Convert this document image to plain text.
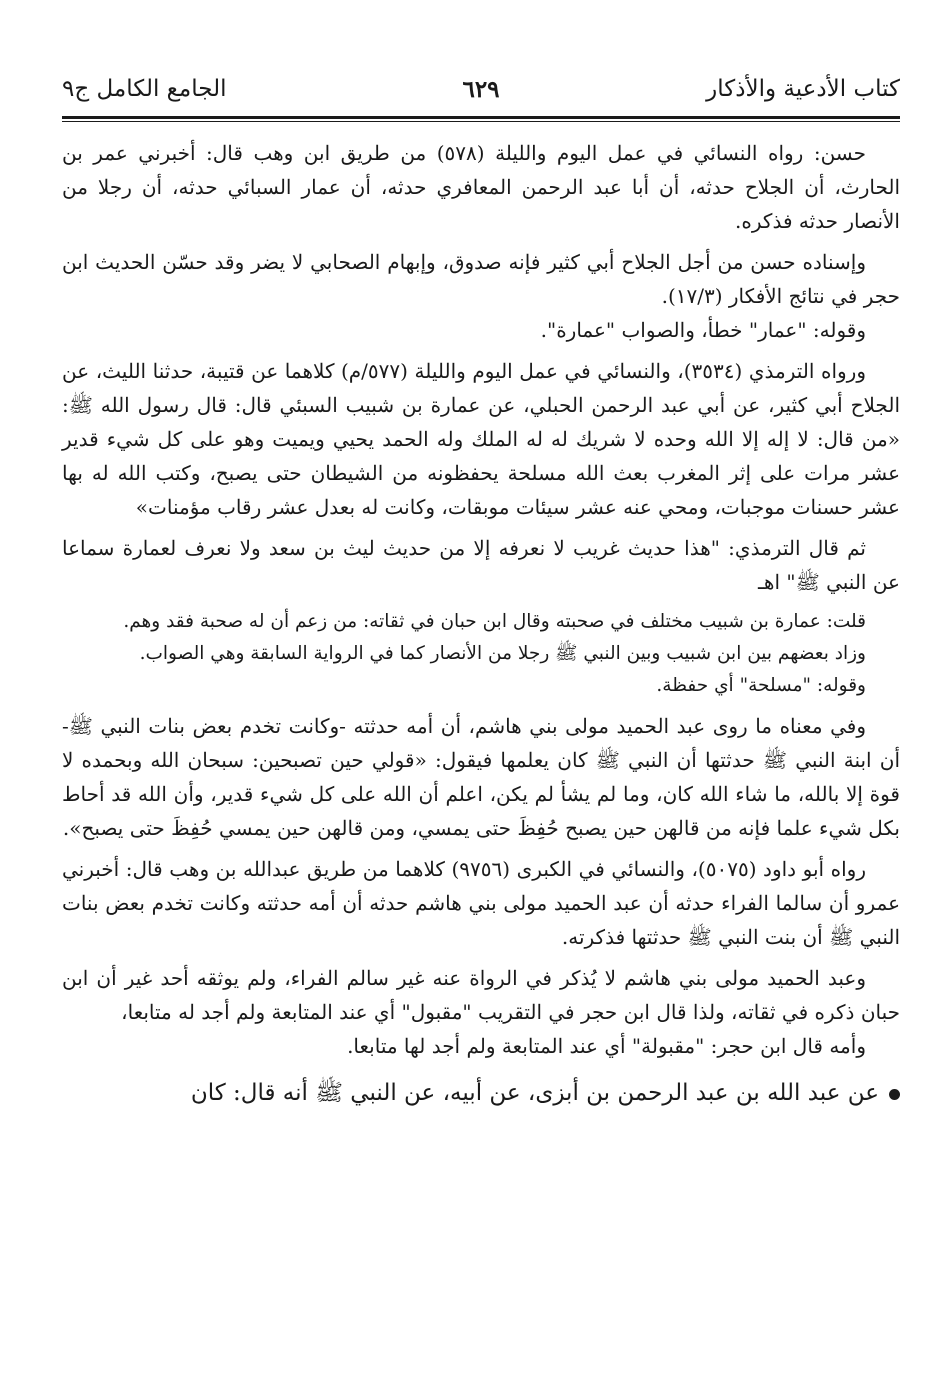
كتاب الأدعية والأذكار
٦٢٩
الجامع الكامل ج٩

حسن: رواه النسائي في عمل اليوم والليلة (٥٧٨) من طريق ابن وهب قال: أخبرني عمر بن الحارث، أن الجلاح حدثه، أن أبا عبد الرحمن المعافري حدثه، أن عمار السبائي حدثه، أن رجلا من الأنصار حدثه فذكره.

وإسناده حسن من أجل الجلاح أبي كثير فإنه صدوق، وإبهام الصحابي لا يضر وقد حسّن الحديث ابن حجر في نتائج الأفكار (١٧/٣).

وقوله: "عمار" خطأ، والصواب "عمارة".

ورواه الترمذي (٣٥٣٤)، والنسائي في عمل اليوم والليلة (٥٧٧/م) كلاهما عن قتيبة، حدثنا الليث، عن الجلاح أبي كثير، عن أبي عبد الرحمن الحبلي، عن عمارة بن شبيب السبئي قال: قال رسول الله ﷺ: «من قال: لا إله إلا الله وحده لا شريك له له الملك وله الحمد يحيي ويميت وهو على كل شيء قدير عشر مرات على إثر المغرب بعث الله مسلحة يحفظونه من الشيطان حتى يصبح، وكتب الله له بها عشر حسنات موجبات، ومحي عنه عشر سيئات موبقات، وكانت له بعدل عشر رقاب مؤمنات»

ثم قال الترمذي: "هذا حديث غريب لا نعرفه إلا من حديث ليث بن سعد ولا نعرف لعمارة سماعا عن النبي ﷺ" اهـ

قلت: عمارة بن شبيب مختلف في صحبته وقال ابن حبان في ثقاته: من زعم أن له صحبة فقد وهم.

وزاد بعضهم بين ابن شبيب وبين النبي ﷺ رجلا من الأنصار كما في الرواية السابقة وهي الصواب.

وقوله: "مسلحة" أي حفظة.

وفي معناه ما روى عبد الحميد مولى بني هاشم، أن أمه حدثته -وكانت تخدم بعض بنات النبي ﷺ- أن ابنة النبي ﷺ حدثتها أن النبي ﷺ كان يعلمها فيقول: «قولي حين تصبحين: سبحان الله وبحمده لا قوة إلا بالله، ما شاء الله كان، وما لم يشأ لم يكن، اعلم أن الله على كل شيء قدير، وأن الله قد أحاط بكل شيء علما فإنه من قالهن حين يصبح حُفِظَ حتى يمسي، ومن قالهن حين يمسي حُفِظَ حتى يصبح».

رواه أبو داود (٥٠٧٥)، والنسائي في الكبرى (٩٧٥٦) كلاهما من طريق عبدالله بن وهب قال: أخبرني عمرو أن سالما الفراء حدثه أن عبد الحميد مولى بني هاشم حدثه أن أمه حدثته وكانت تخدم بعض بنات النبي ﷺ أن بنت النبي ﷺ حدثتها فذكرته.

وعبد الحميد مولى بني هاشم لا يُذكر في الرواة عنه غير سالم الفراء، ولم يوثقه أحد غير أن ابن حبان ذكره في ثقاته، ولذا قال ابن حجر في التقريب "مقبول" أي عند المتابعة ولم أجد له متابعا،

وأمه قال ابن حجر: "مقبولة" أي عند المتابعة ولم أجد لها متابعا.

عن عبد الله بن عبد الرحمن بن أبزى، عن أبيه، عن النبي ﷺ أنه قال: كان
